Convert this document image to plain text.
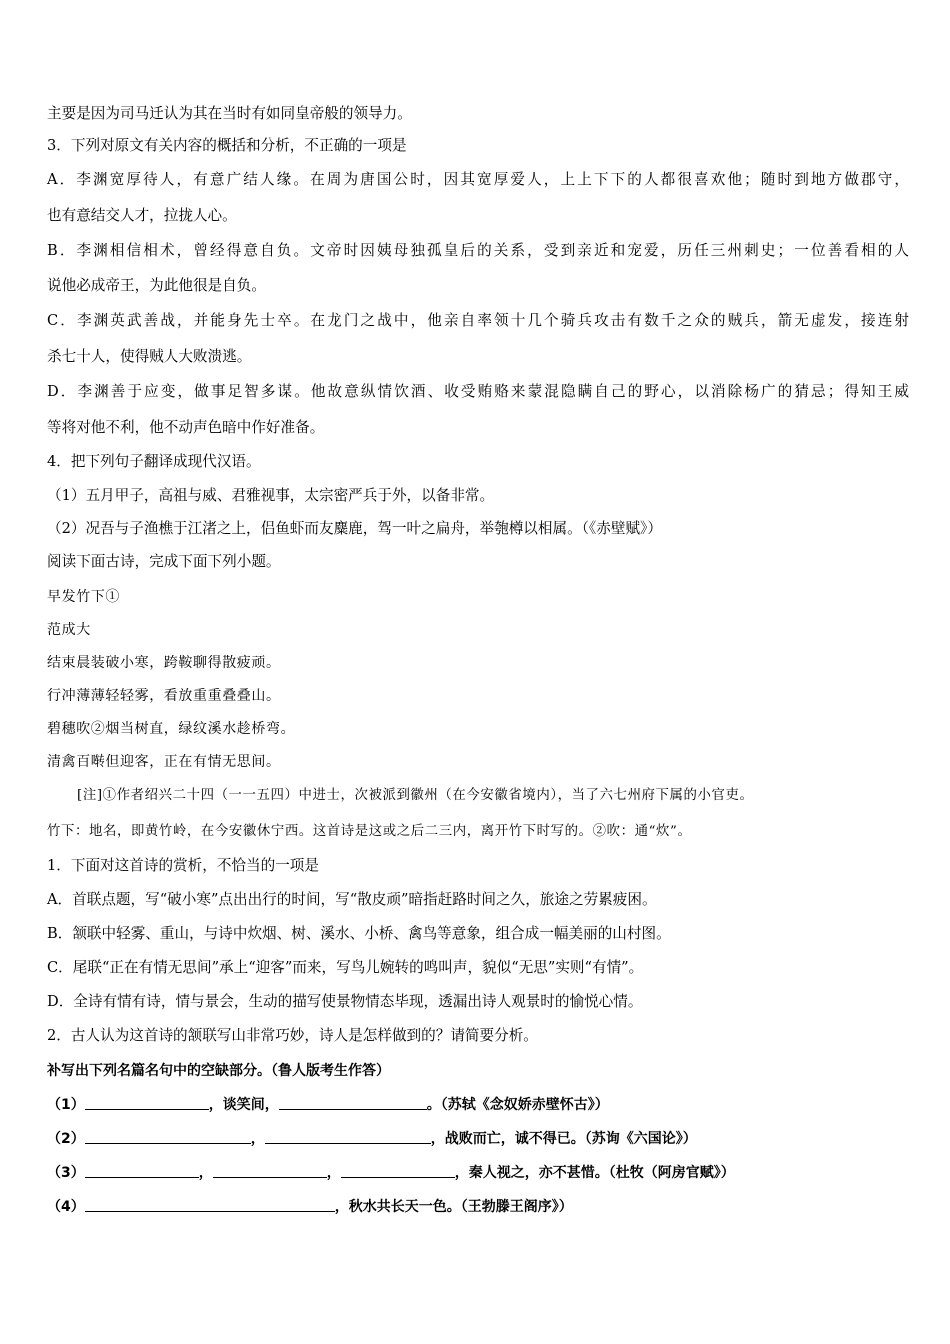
主要是因为司马迁认为其在当时有如同皇帝般的领导力。
3．下列对原文有关内容的概括和分析，不正确的一项是
A．李渊宽厚待人，有意广结人缘。在周为唐国公时，因其宽厚爱人，上上下下的人都很喜欢他；随时到地方做郡守，
也有意结交人才，拉拢人心。
B．李渊相信相术，曾经得意自负。文帝时因姨母独孤皇后的关系，受到亲近和宠爱，历任三州刺史；一位善看相的人
说他必成帝王，为此他很是自负。
C．李渊英武善战，并能身先士卒。在龙门之战中，他亲自率领十几个骑兵攻击有数千之众的贼兵，箭无虚发，接连射
杀七十人，使得贼人大败溃逃。
D．李渊善于应变，做事足智多谋。他故意纵情饮酒、收受贿赂来蒙混隐瞒自己的野心，以消除杨广的猜忌；得知王威
等将对他不利，他不动声色暗中作好准备。
4．把下列句子翻译成现代汉语。
（1）五月甲子，高祖与威、君雅视事，太宗密严兵于外，以备非常。
（2）况吾与子渔樵于江渚之上，侣鱼虾而友麋鹿，驾一叶之扁舟，举匏樽以相属。（《赤壁赋》）
阅读下面古诗，完成下面下列小题。
早发竹下①
范成大
结束晨装破小寒，跨鞍聊得散疲顽。
行冲薄薄轻轻雾，看放重重叠叠山。
碧穗吹②烟当树直，绿纹溪水趁桥弯。
清禽百啭但迎客，正在有情无思间。
[注]①作者绍兴二十四（一一五四）中进士，次被派到徽州（在今安徽省境内），当了六七州府下属的小官吏。
竹下：地名，即黄竹岭，在今安徽休宁西。这首诗是这或之后二三内，离开竹下时写的。②吹：通“炊”。
1．下面对这首诗的赏析，不恰当的一项是
A．首联点题，写“破小寒”点出出行的时间，写“散皮顽”暗指赶路时间之久，旅途之劳累疲困。
B．颔联中轻雾、重山，与诗中炊烟、树、溪水、小桥、禽鸟等意象，组合成一幅美丽的山村图。
C．尾联“正在有情无思间”承上“迎客”而来，写鸟儿婉转的鸣叫声，貌似“无思”实则“有情”。
D．全诗有情有诗，情与景会，生动的描写使景物情态毕现，透漏出诗人观景时的愉悦心情。
2．古人认为这首诗的颔联写山非常巧妙，诗人是怎样做到的？请简要分析。
补写出下列名篇名句中的空缺部分。（鲁人版考生作答）
（1）	，谈笑间，	。（苏轼《念奴娇赤壁怀古》）
（2）	，	，战败而亡，诚不得已。（苏询《六国论》）
（3）	，	，	，秦人视之，亦不甚惜。（杜牧（阿房官赋》）
（4）	，秋水共长天一色。（王勃滕王阁序》）
